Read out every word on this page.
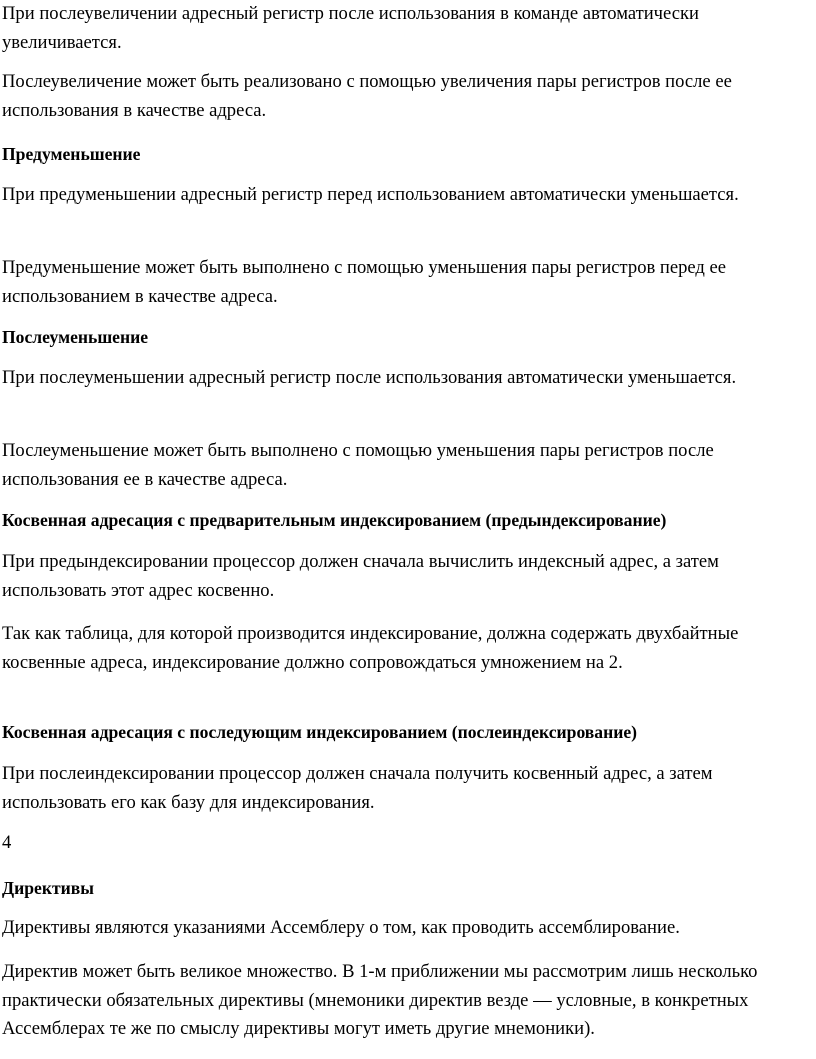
При послеувеличении адресный регистр после использования в команде автоматически увеличивается.

Послеувеличение может быть реализовано с помощью увеличения пары регистров после ее использования в качестве адреса.

Предуменьшение

При предуменьшении адресный регистр перед использованием автоматически уменьшается.

Предуменьшение может быть выполнено с помощью уменьшения пары регистров перед ее использованием в качестве адреса.

Послеуменьшение

При послеуменьшении адресный регистр после использования автоматически уменьшается.

Послеуменьшение может быть выполнено с помощью уменьшения пары регистров после использования ее в качестве адреса.

Косвенная адресация с предварительным индексированием (предындексирование)

При предындексировании процессор должен сначала вычислить индексный адрес, а затем использовать этот адрес косвенно.

Так как таблица, для которой производится индексирование, должна содержать двухбайтные косвенные адреса, индексирование должно сопровождаться умножением на 2.

Косвенная адресация с последующим индексированием (послеиндексирование)

При послеиндексировании процессор должен сначала получить косвенный адрес, а затем использовать его как базу для индексирования.

4

Директивы

Директивы являются указаниями Ассемблеру о том, как проводить ассемблирование.

Директив может быть великое множество. В 1-м приближении мы рассмотрим лишь несколько практически обязательных директивы (мнемоники директив везде — условные, в конкретных Ассемблерах те же по смыслу директивы могут иметь другие мнемоники).
